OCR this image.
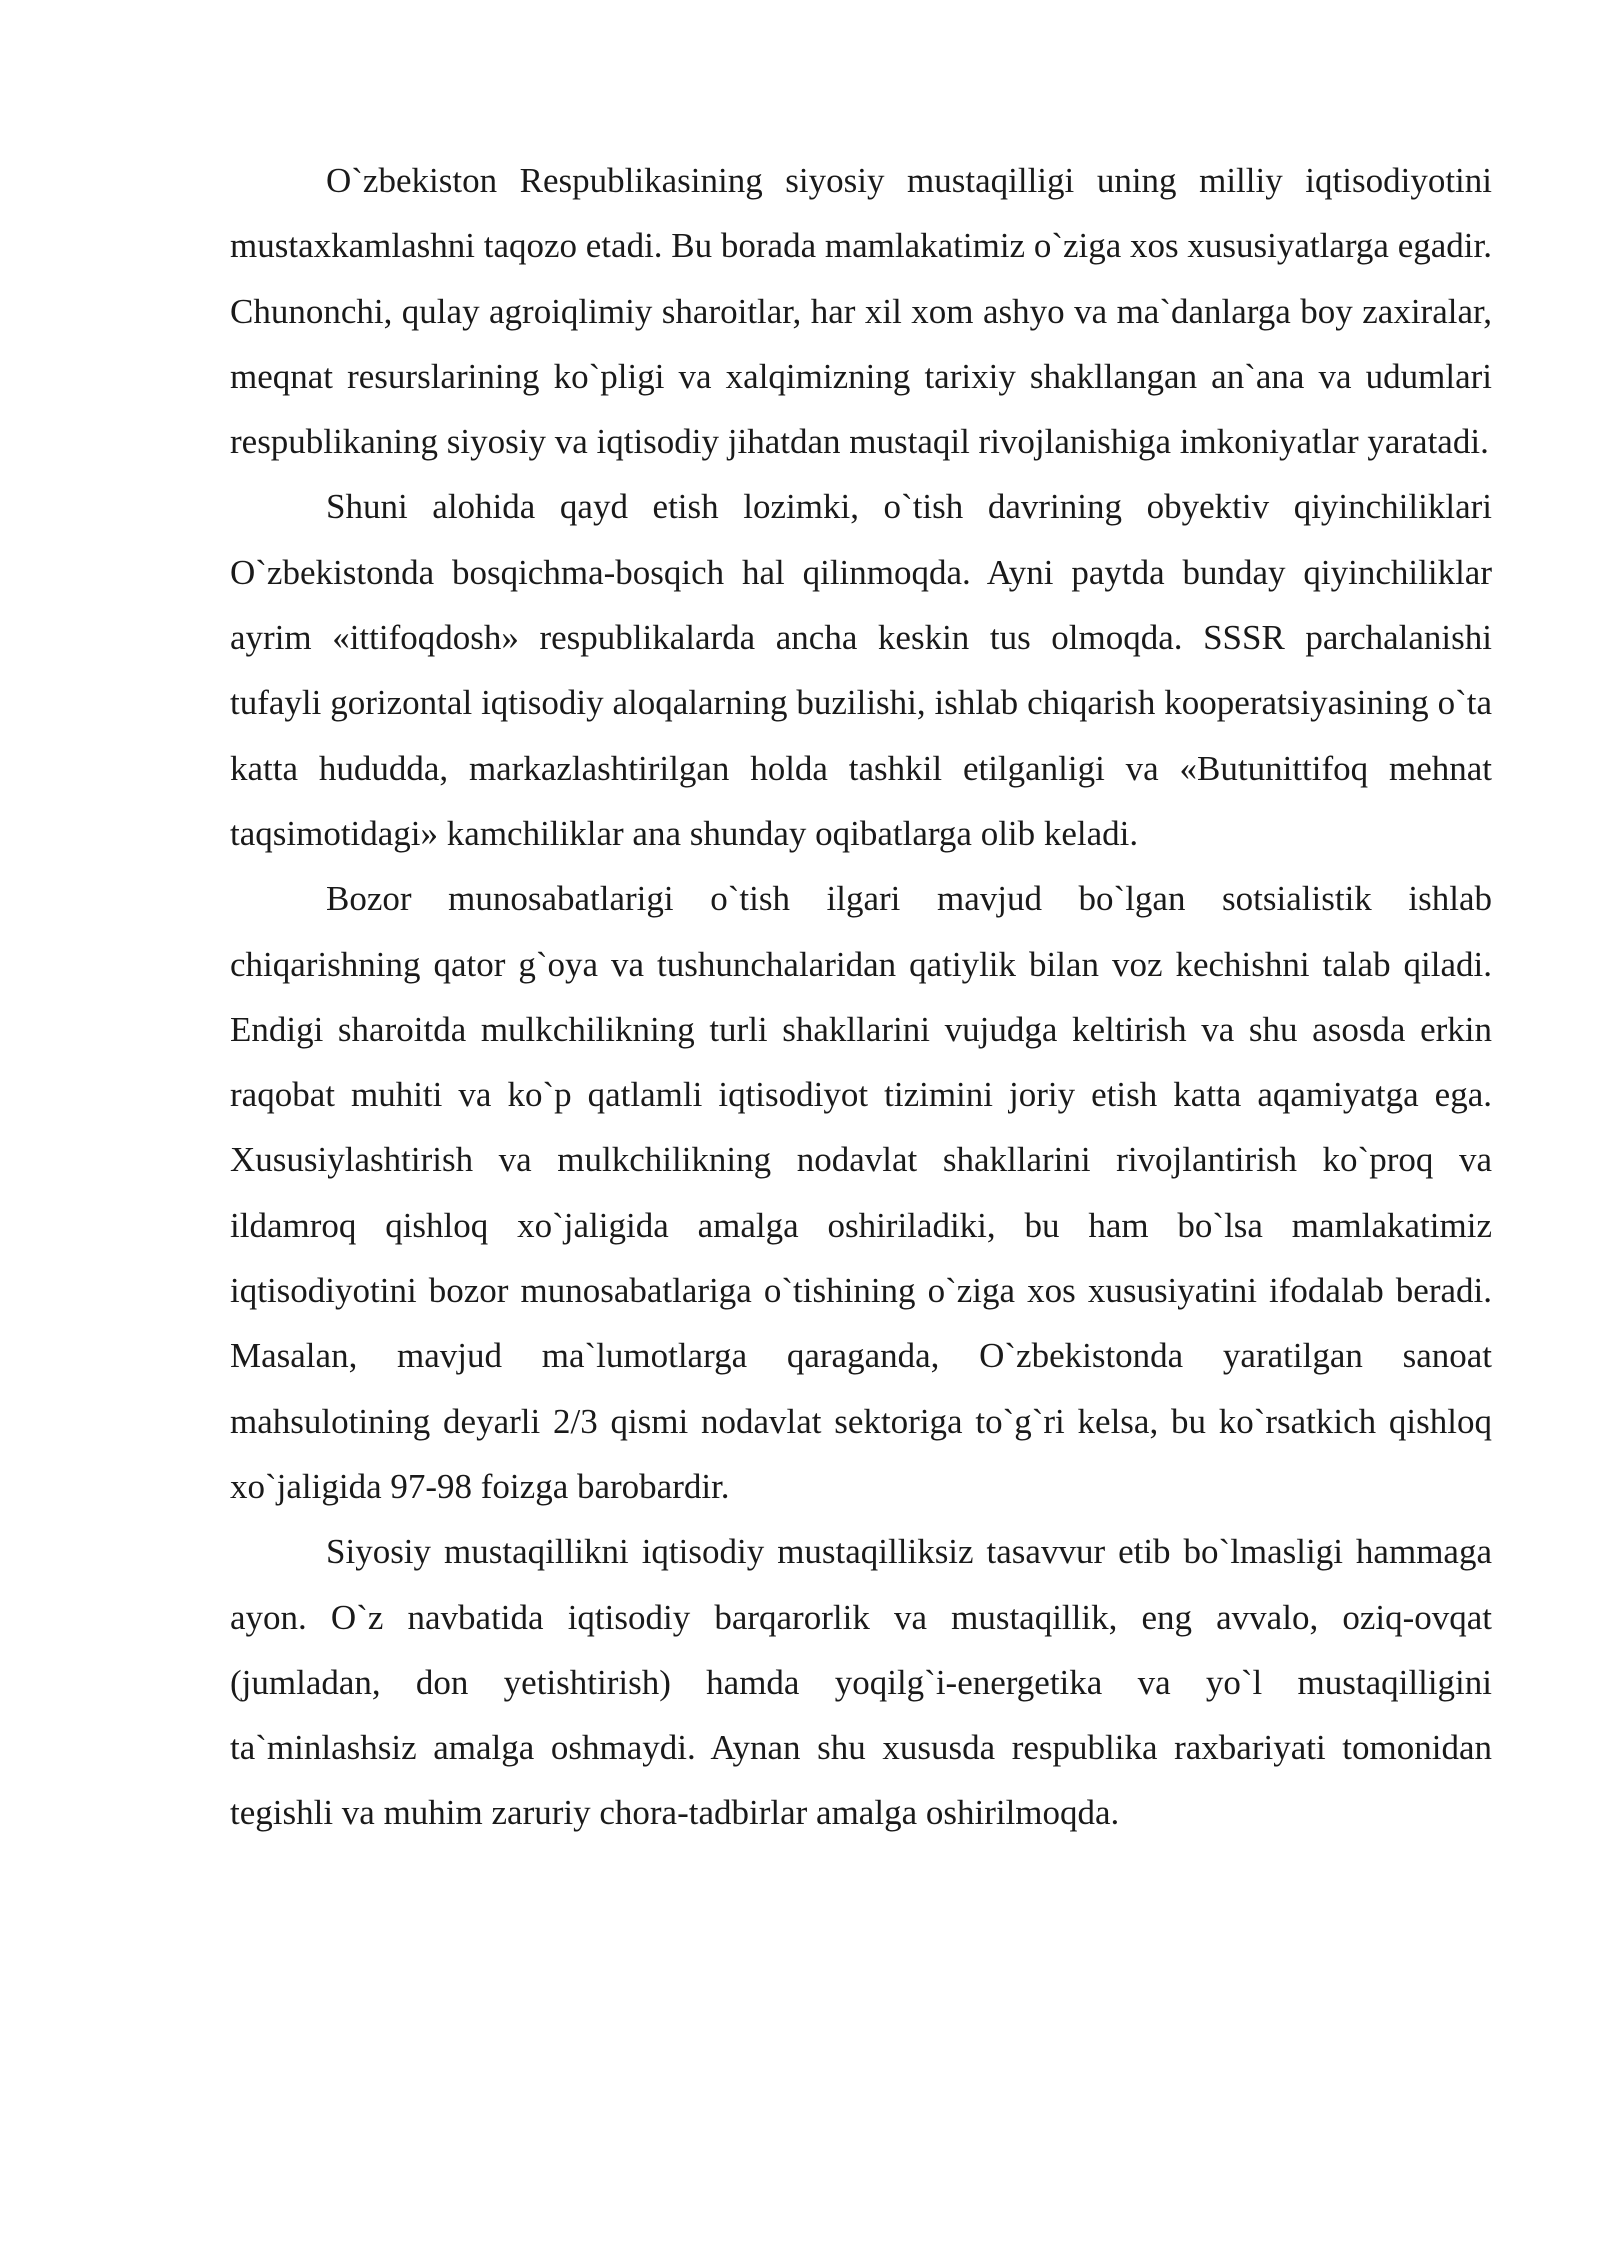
O`zbekiston Respublikasining siyosiy mustaqilligi uning milliy iqtisodiyotini mustaxkamlashni taqozo etadi. Bu borada mamlakatimiz o`ziga xos xususiyatlarga egadir. Chunonchi, qulay agroiqlimiy sharoitlar, har xil xom ashyo va ma`danlarga boy zaxiralar, meqnat resurslarining ko`pligi va xalqimizning tarixiy shakllangan an`ana va udumlari respublikaning siyosiy va iqtisodiy jihatdan mustaqil rivojlanishiga imkoniyatlar yaratadi.

Shuni alohida qayd etish lozimki, o`tish davrining obyektiv qiyinchiliklari O`zbekistonda bosqichma-bosqich hal qilinmoqda. Ayni paytda bunday qiyinchiliklar ayrim «ittifoqdosh» respublikalarda ancha keskin tus olmoqda. SSSR parchalanishi tufayli gorizontal iqtisodiy aloqalarning buzilishi, ishlab chiqarish kooperatsiyasining o`ta katta hududda, markazlashtirilgan holda tashkil etilganligi va «Butunittifoq mehnat taqsimotidagi» kamchiliklar ana shunday oqibatlarga olib keladi.

Bozor munosabatlarigi o`tish ilgari mavjud bo`lgan sotsialistik ishlab chiqarishning qator g`oya va tushunchalaridan qatiylik bilan voz kechishni talab qiladi. Endigi sharoitda mulkchilikning turli shakllarini vujudga keltirish va shu asosda erkin raqobat muhiti va ko`p qatlamli iqtisodiyot tizimini joriy etish katta aqamiyatga ega. Xususiylashtirish va mulkchilikning nodavlat shakllarini rivojlantirish ko`proq va ildamroq qishloq xo`jaligida amalga oshiriladiki, bu ham bo`lsa mamlakatimiz iqtisodiyotini bozor munosabatlariga o`tishining o`ziga xos xususiyatini ifodalab beradi. Masalan, mavjud ma`lumotlarga qaraganda, O`zbekistonda yaratilgan sanoat mahsulotining deyarli 2/3 qismi nodavlat sektoriga to`g`ri kelsa, bu ko`rsatkich qishloq xo`jaligida 97-98 foizga barobardir.

Siyosiy mustaqillikni iqtisodiy mustaqilliksiz tasavvur etib bo`lmasligi hammaga ayon. O`z navbatida iqtisodiy barqarorlik va mustaqillik, eng avvalo, oziq-ovqat (jumladan, don yetishtirish) hamda yoqilg`i-energetika va yo`l mustaqilligini ta`minlashsiz amalga oshmaydi. Aynan shu xususda respublika raxbariyati tomonidan tegishli va muhim zaruriy chora-tadbirlar amalga oshirilmoqda.
